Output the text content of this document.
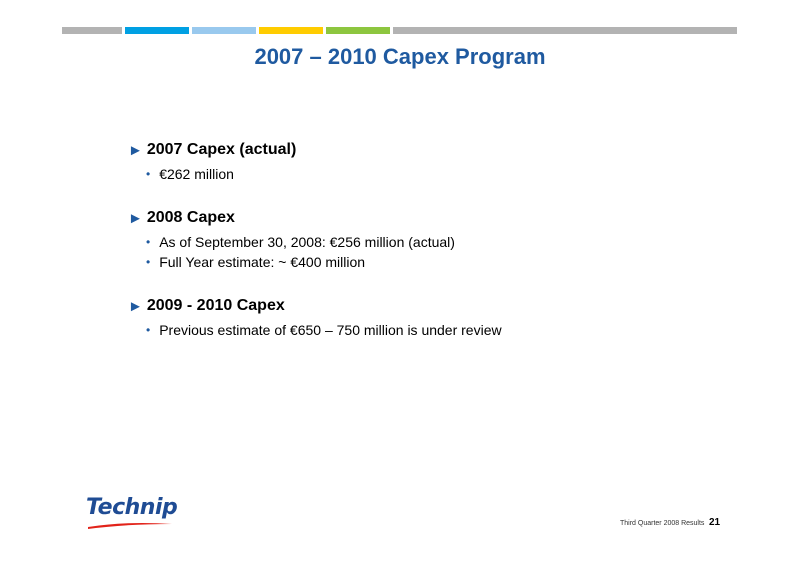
2007 – 2010 Capex Program
► 2007 Capex (actual)
• €262 million
► 2008 Capex
• As of September 30, 2008: €256 million (actual)
• Full Year estimate: ~ €400 million
► 2009 - 2010 Capex
• Previous estimate of €650 – 750 million is under review
Technip
Third Quarter 2008 Results 21
